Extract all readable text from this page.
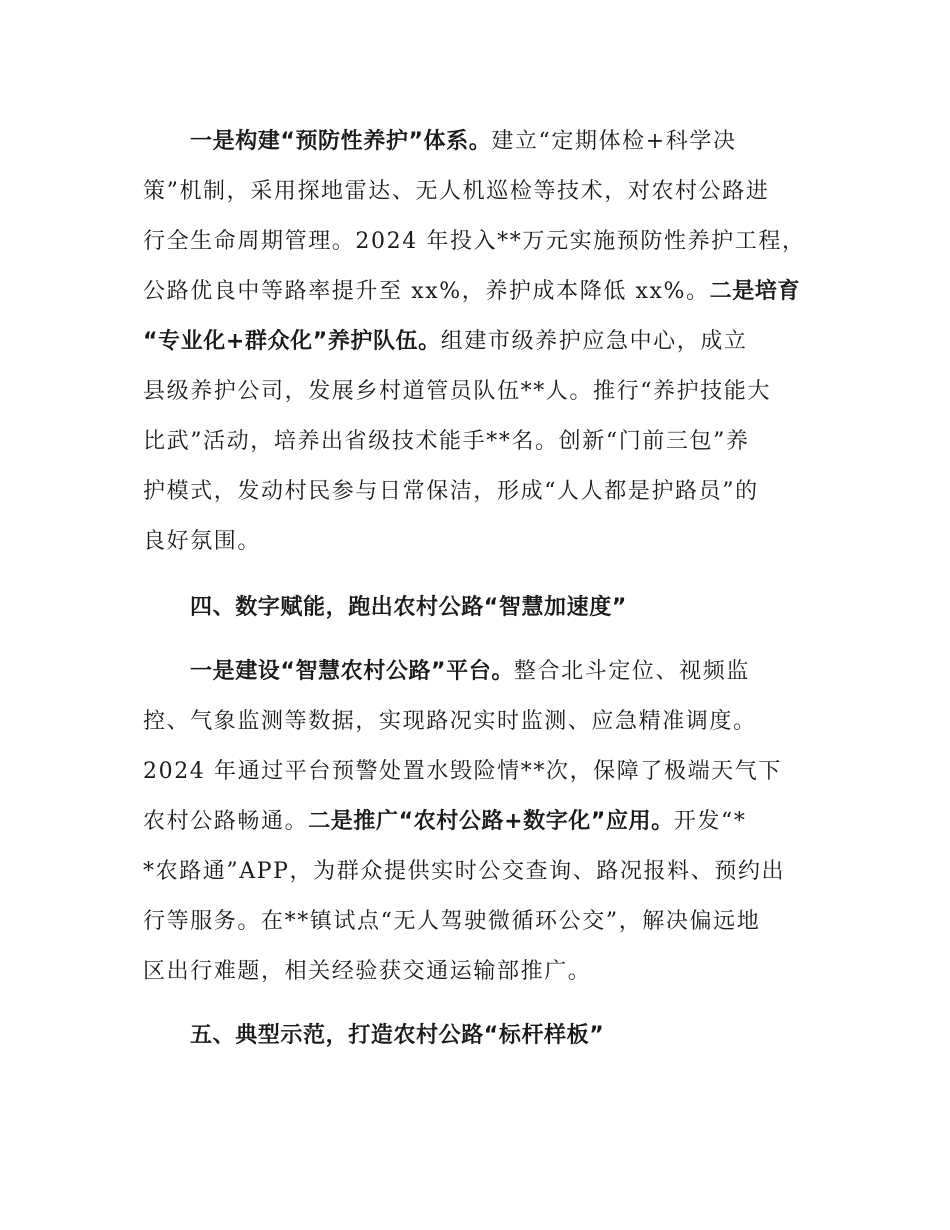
一是构建“预防性养护”体系。建立“定期体检+科学决
策”机制，采用探地雷达、无人机巡检等技术，对农村公路进
行全生命周期管理。2024 年投入**万元实施预防性养护工程，
公路优良中等路率提升至 xx%，养护成本降低 xx%。二是培育
“专业化+群众化”养护队伍。组建市级养护应急中心，成立
县级养护公司，发展乡村道管员队伍**人。推行“养护技能大
比武”活动，培养出省级技术能手**名。创新“门前三包”养
护模式，发动村民参与日常保洁，形成“人人都是护路员”的
良好氛围。
四、数字赋能，跑出农村公路“智慧加速度”
一是建设“智慧农村公路”平台。整合北斗定位、视频监
控、气象监测等数据，实现路况实时监测、应急精准调度。
2024 年通过平台预警处置水毁险情**次，保障了极端天气下
农村公路畅通。二是推广“农村公路+数字化”应用。开发“*
*农路通”APP，为群众提供实时公交查询、路况报料、预约出
行等服务。在**镇试点“无人驾驶微循环公交”，解决偏远地
区出行难题，相关经验获交通运输部推广。
五、典型示范，打造农村公路“标杆样板”
